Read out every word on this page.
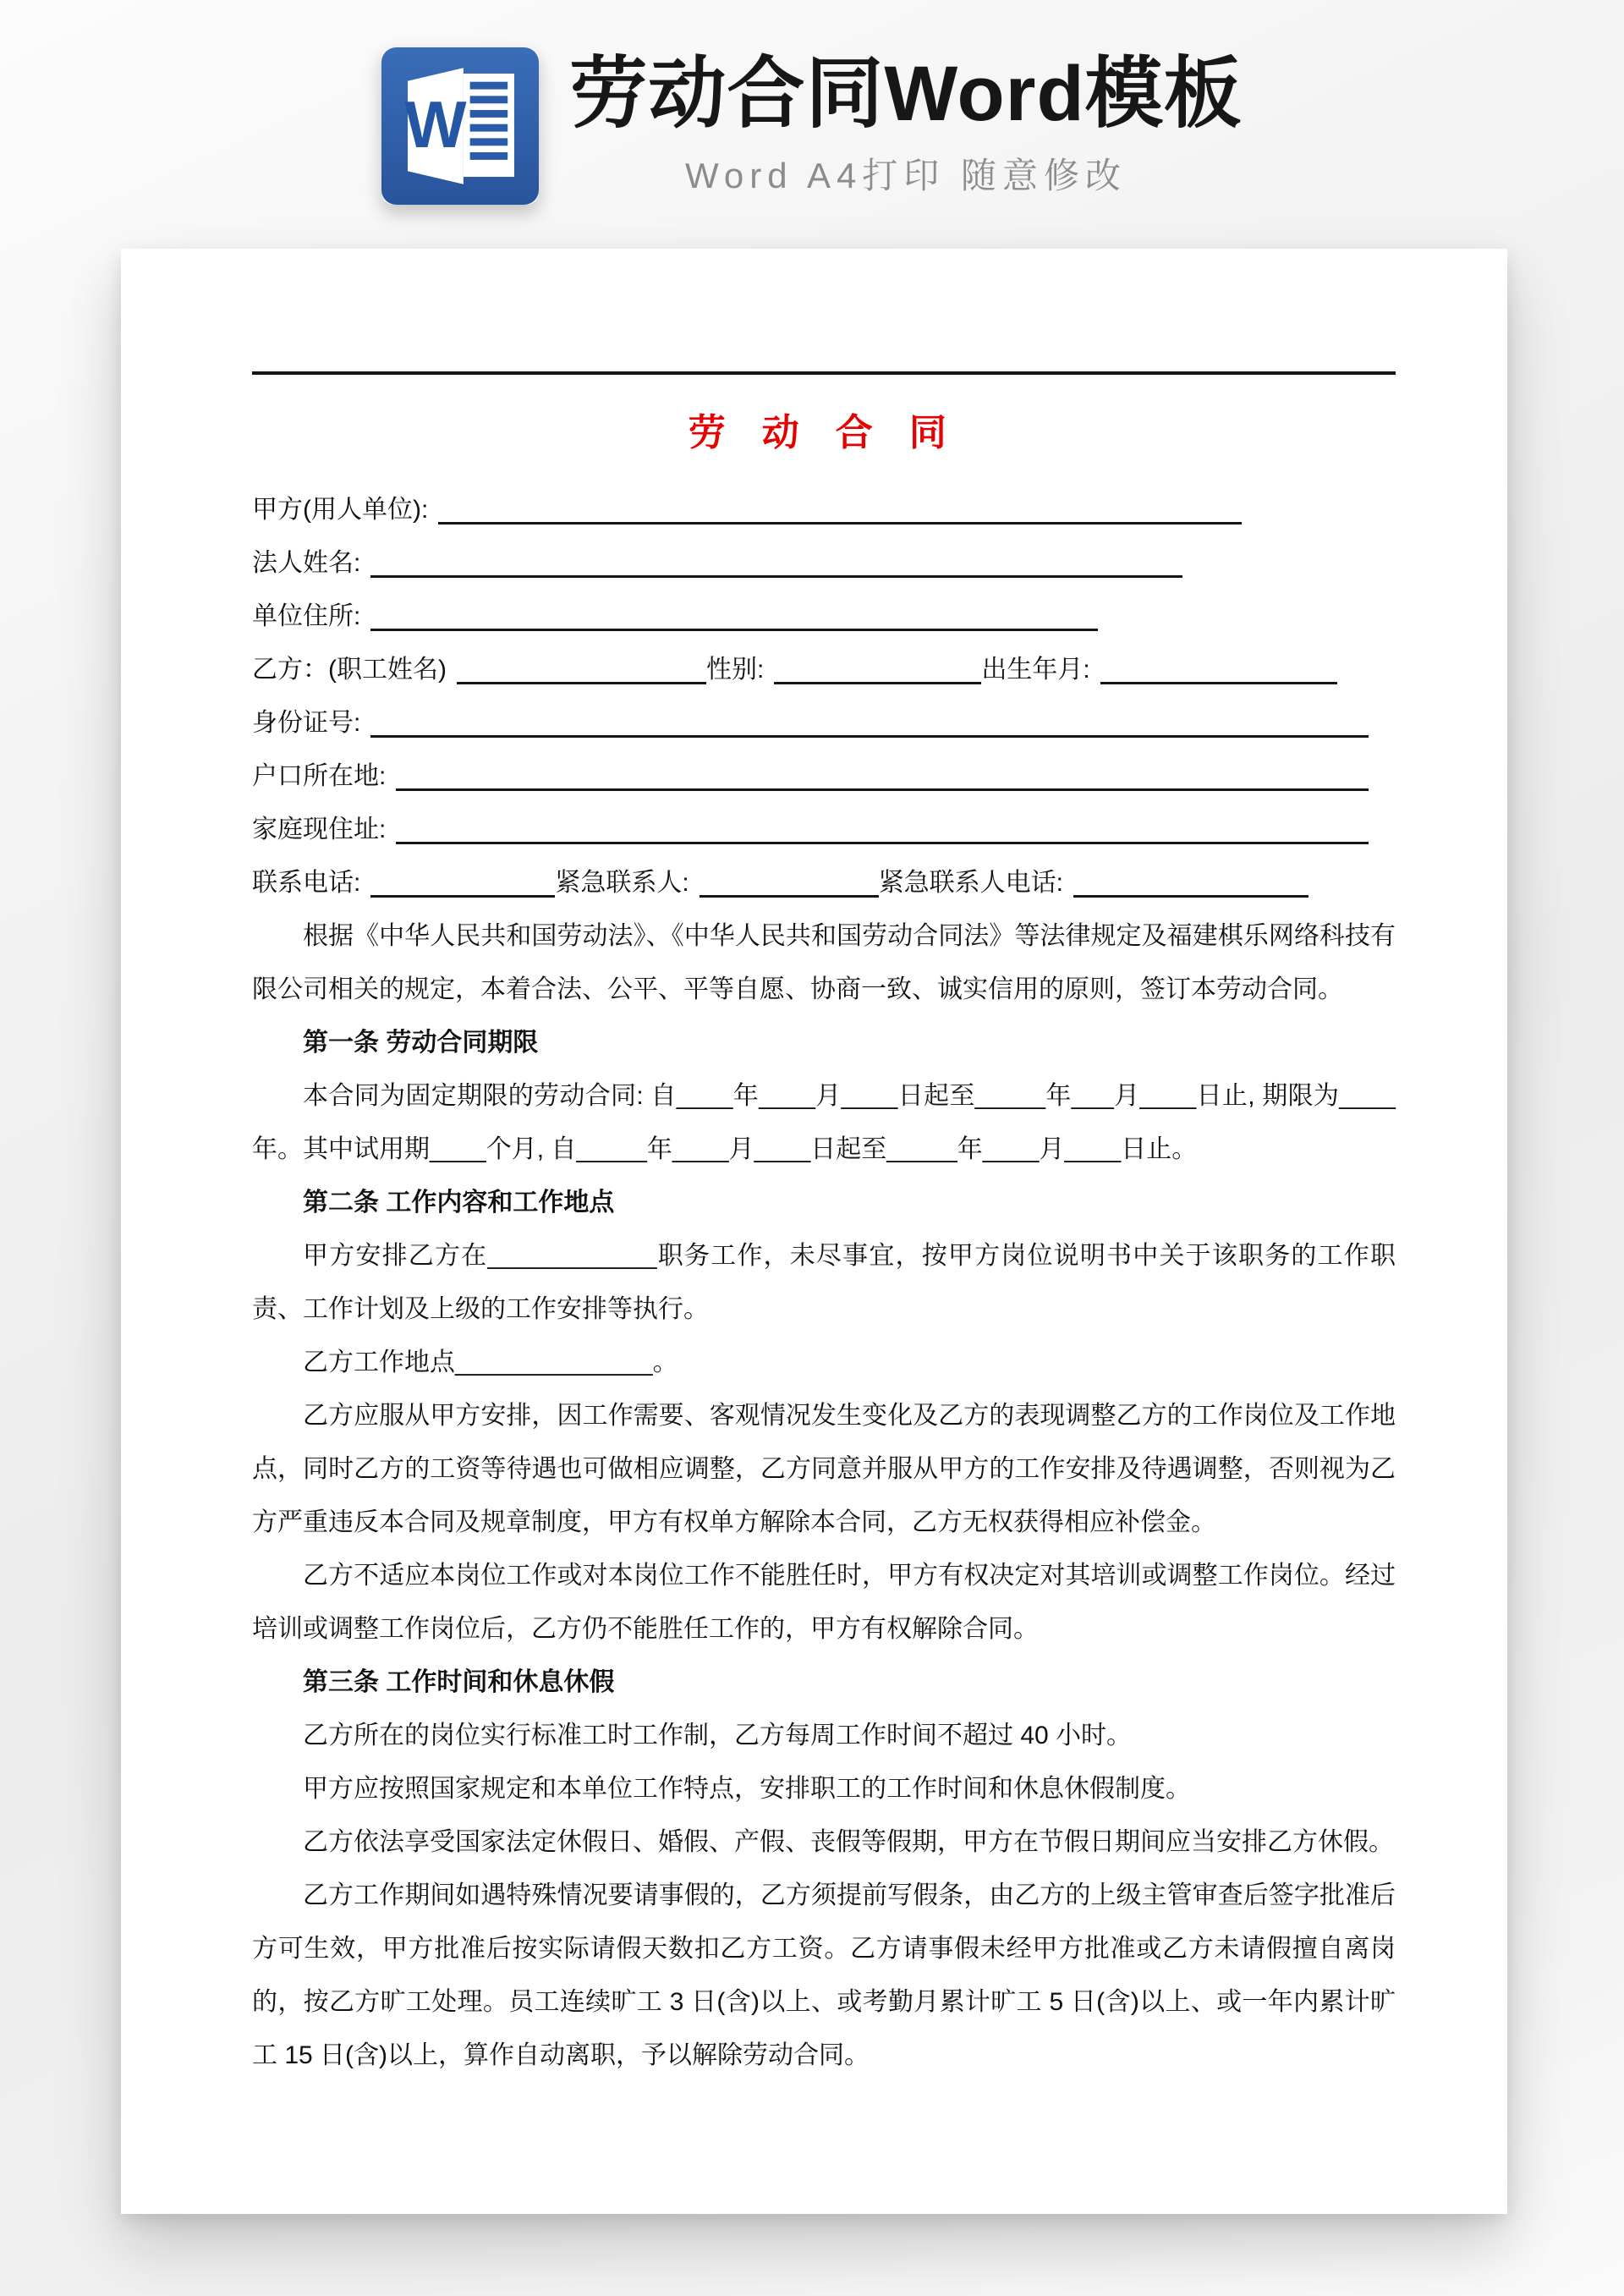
W 劳动合同Word模板
Word A4打印 随意修改
劳 动 合 同
甲方(用人单位):
法人姓名:
单位住所:
乙方：(职工姓名)	性别:	出生年月:
身份证号:
户口所在地:
家庭现住址:
联系电话:	紧急联系人:	紧急联系人电话:

根据《中华人民共和国劳动法》、《中华人民共和国劳动合同法》等法律规定及福建棋乐网络科技有限公司相关的规定，本着合法、公平、平等自愿、协商一致、诚实信用的原则，签订本劳动合同。

第一条 劳动合同期限

本合同为固定期限的劳动合同: 自____年____月____日起至_____年___月____日止, 期限为____年。其中试用期____个月, 自_____年____月____日起至_____年____月____日止。

第二条 工作内容和工作地点

甲方安排乙方在____________职务工作，未尽事宜，按甲方岗位说明书中关于该职务的工作职责、工作计划及上级的工作安排等执行。

乙方工作地点______________。

乙方应服从甲方安排，因工作需要、客观情况发生变化及乙方的表现调整乙方的工作岗位及工作地点，同时乙方的工资等待遇也可做相应调整，乙方同意并服从甲方的工作安排及待遇调整，否则视为乙方严重违反本合同及规章制度，甲方有权单方解除本合同，乙方无权获得相应补偿金。

乙方不适应本岗位工作或对本岗位工作不能胜任时，甲方有权决定对其培训或调整工作岗位。经过培训或调整工作岗位后，乙方仍不能胜任工作的，甲方有权解除合同。

第三条 工作时间和休息休假

乙方所在的岗位实行标准工时工作制，乙方每周工作时间不超过 40 小时。

甲方应按照国家规定和本单位工作特点，安排职工的工作时间和休息休假制度。

乙方依法享受国家法定休假日、婚假、产假、丧假等假期，甲方在节假日期间应当安排乙方休假。

乙方工作期间如遇特殊情况要请事假的，乙方须提前写假条，由乙方的上级主管审查后签字批准后方可生效，甲方批准后按实际请假天数扣乙方工资。乙方请事假未经甲方批准或乙方未请假擅自离岗的，按乙方旷工处理。员工连续旷工 3 日(含)以上、或考勤月累计旷工 5 日(含)以上、或一年内累计旷工 15 日(含)以上，算作自动离职，予以解除劳动合同。
